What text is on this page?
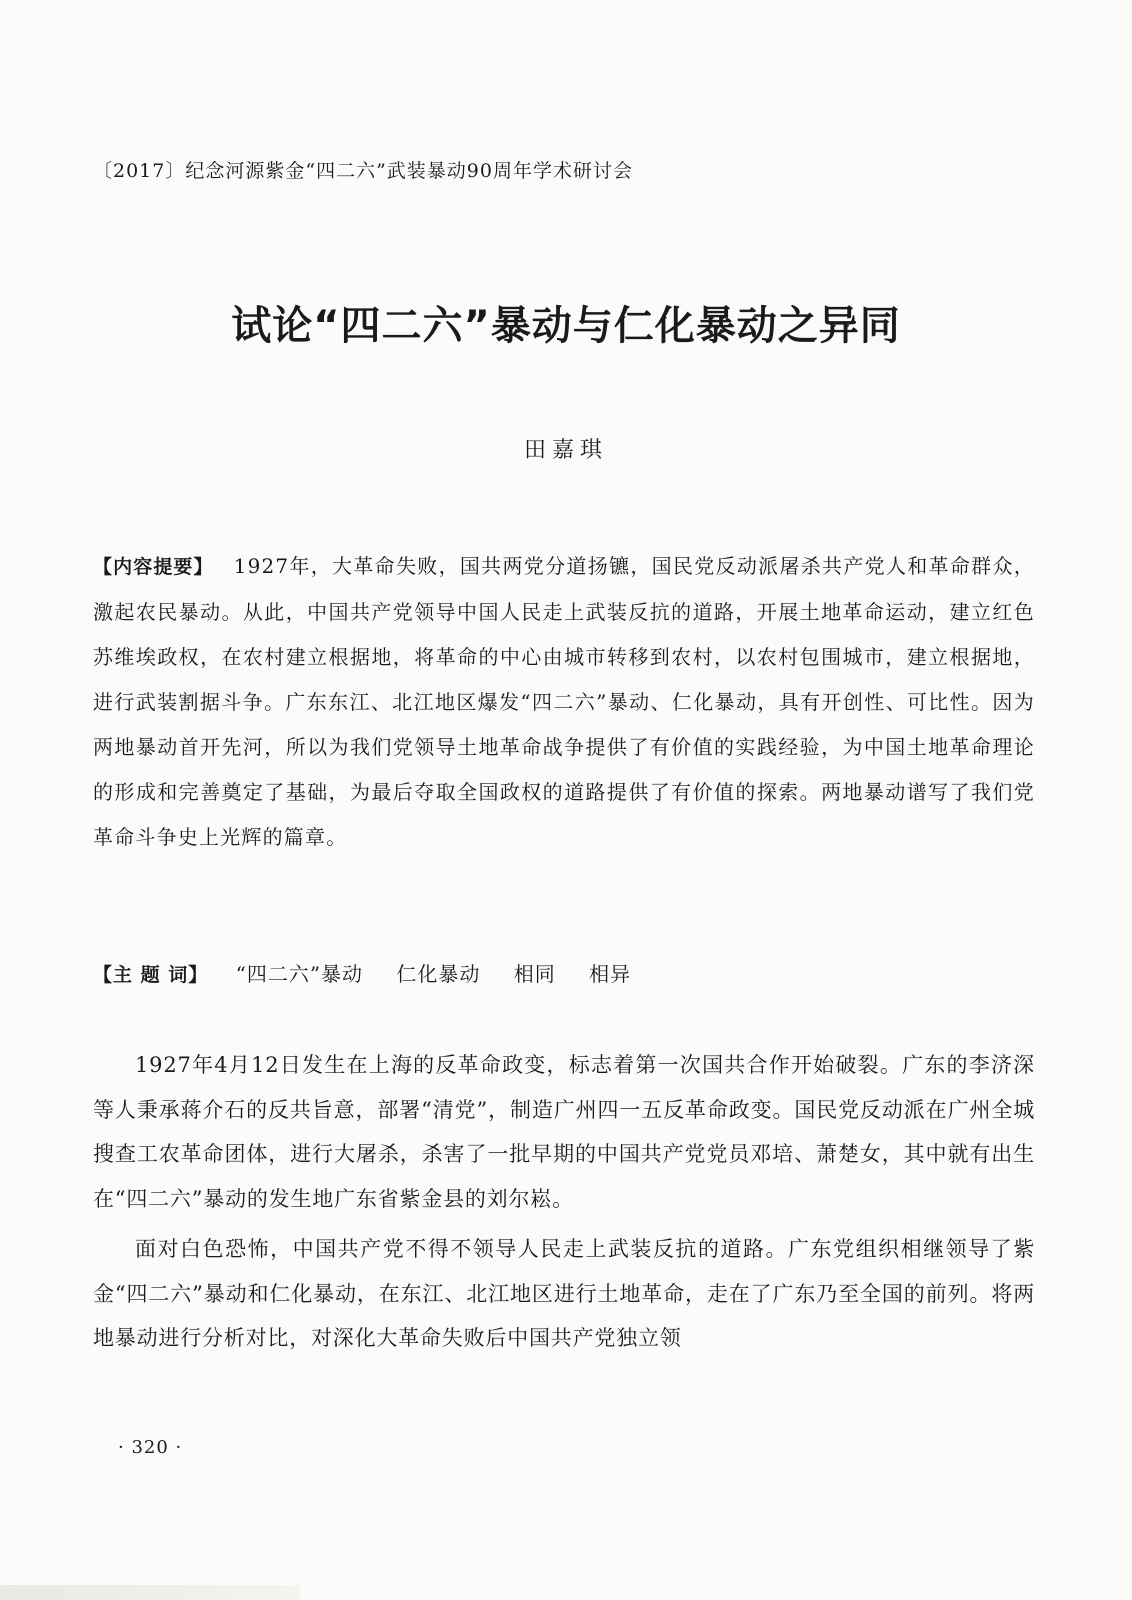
〔2017〕纪念河源紫金“四二六”武装暴动90周年学术研讨会
试论“四二六”暴动与仁化暴动之异同
田嘉琪
【内容提要】 1927年，大革命失败，国共两党分道扬镳，国民党反动派屠杀共产党人和革命群众，激起农民暴动。从此，中国共产党领导中国人民走上武装反抗的道路，开展土地革命运动，建立红色苏维埃政权，在农村建立根据地，将革命的中心由城市转移到农村，以农村包围城市，建立根据地，进行武装割据斗争。广东东江、北江地区爆发“四二六”暴动、仁化暴动，具有开创性、可比性。因为两地暴动首开先河，所以为我们党领导土地革命战争提供了有价值的实践经验，为中国土地革命理论的形成和完善奠定了基础，为最后夺取全国政权的道路提供了有价值的探索。两地暴动谱写了我们党革命斗争史上光辉的篇章。
【主 题 词】 “四二六”暴动 仁化暴动 相同 相异

1927年4月12日发生在上海的反革命政变，标志着第一次国共合作开始破裂。广东的李济深等人秉承蒋介石的反共旨意，部署“清党”，制造广州四一五反革命政变。国民党反动派在广州全城搜查工农革命团体，进行大屠杀，杀害了一批早期的中国共产党党员邓培、萧楚女，其中就有出生在“四二六”暴动的发生地广东省紫金县的刘尔崧。

面对白色恐怖，中国共产党不得不领导人民走上武装反抗的道路。广东党组织相继领导了紫金“四二六”暴动和仁化暴动，在东江、北江地区进行土地革命，走在了广东乃至全国的前列。将两地暴动进行分析对比，对深化大革命失败后中国共产党独立领

· 320 ·
